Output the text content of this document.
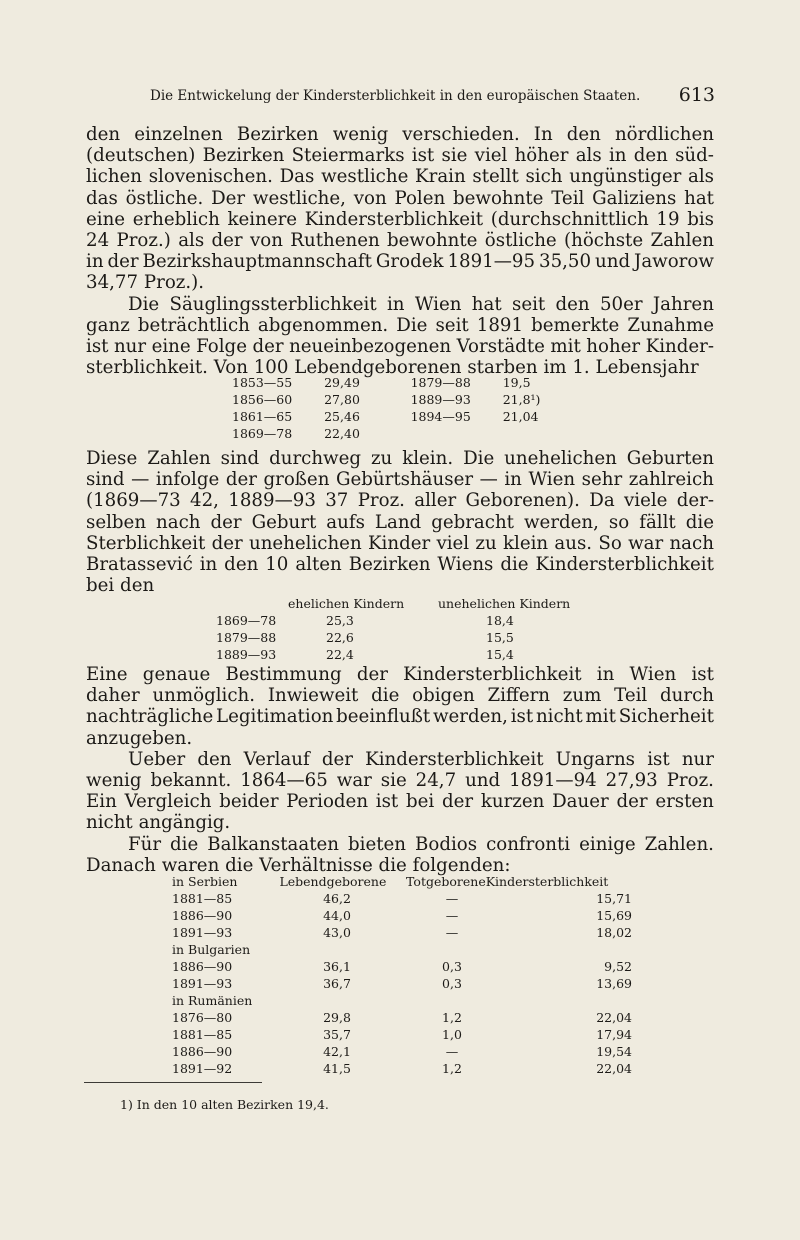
Die Entwickelung der Kindersterblichkeit in den europäischen Staaten. 613
den einzelnen Bezirken wenig verschieden. In den nördlichen
(deutschen) Bezirken Steiermarks ist sie viel höher als in den süd-
lichen slovenischen. Das westliche Krain stellt sich ungünstiger als
das östliche. Der westliche, von Polen bewohnte Teil Galiziens hat
eine erheblich keinere Kindersterblichkeit (durchschnittlich 19 bis
24 Proz.) als der von Ruthenen bewohnte östliche (höchste Zahlen
in der Bezirkshauptmannschaft Grodek 1891—95 35,50 und Jaworow
34,77 Proz.).
Die Säuglingssterblichkeit in Wien hat seit den 50er Jahren
ganz beträchtlich abgenommen. Die seit 1891 bemerkte Zunahme
ist nur eine Folge der neueinbezogenen Vorstädte mit hoher Kinder-
sterblichkeit. Von 100 Lebendgeborenen starben im 1. Lebensjahr
1853—55	29,49	1879—88	19,5
1856—60	27,80	1889—93	21,8¹)
1861—65	25,46	1894—95	21,04
1869—78	22,40
Diese Zahlen sind durchweg zu klein. Die unehelichen Geburten
sind — infolge der großen Gebürtshäuser — in Wien sehr zahlreich
(1869—73 42, 1889—93 37 Proz. aller Geborenen). Da viele der-
selben nach der Geburt aufs Land gebracht werden, so fällt die
Sterblichkeit der unehelichen Kinder viel zu klein aus. So war nach
Bratassević in den 10 alten Bezirken Wiens die Kindersterblichkeit
bei den
ehelichen Kindern	unehelichen Kindern
1869—78	25,3	18,4
1879—88	22,6	15,5
1889—93	22,4	15,4
Eine genaue Bestimmung der Kindersterblichkeit in Wien ist
daher unmöglich. Inwieweit die obigen Ziffern zum Teil durch
nachträgliche Legitimation beeinflußt werden, ist nicht mit Sicherheit
anzugeben.
Ueber den Verlauf der Kindersterblichkeit Ungarns ist nur
wenig bekannt. 1864—65 war sie 24,7 und 1891—94 27,93 Proz.
Ein Vergleich beider Perioden ist bei der kurzen Dauer der ersten
nicht angängig.
Für die Balkanstaaten bieten Bodios confronti einige Zahlen.
Danach waren die Verhältnisse die folgenden:
in Serbien	Lebendgeborene	Totgeborene Kindersterblichkeit
1881—85	46,2	—	15,71
1886—90	44,0	—	15,69
1891—93	43,0	—	18,02
in Bulgarien
1886—90	36,1	0,3	9,52
1891—93	36,7	0,3	13,69
in Rumänien
1876—80	29,8	1,2	22,04
1881—85	35,7	1,0	17,94
1886—90	42,1	—	19,54
1891—92	41,5	1,2	22,04
1) In den 10 alten Bezirken 19,4.
